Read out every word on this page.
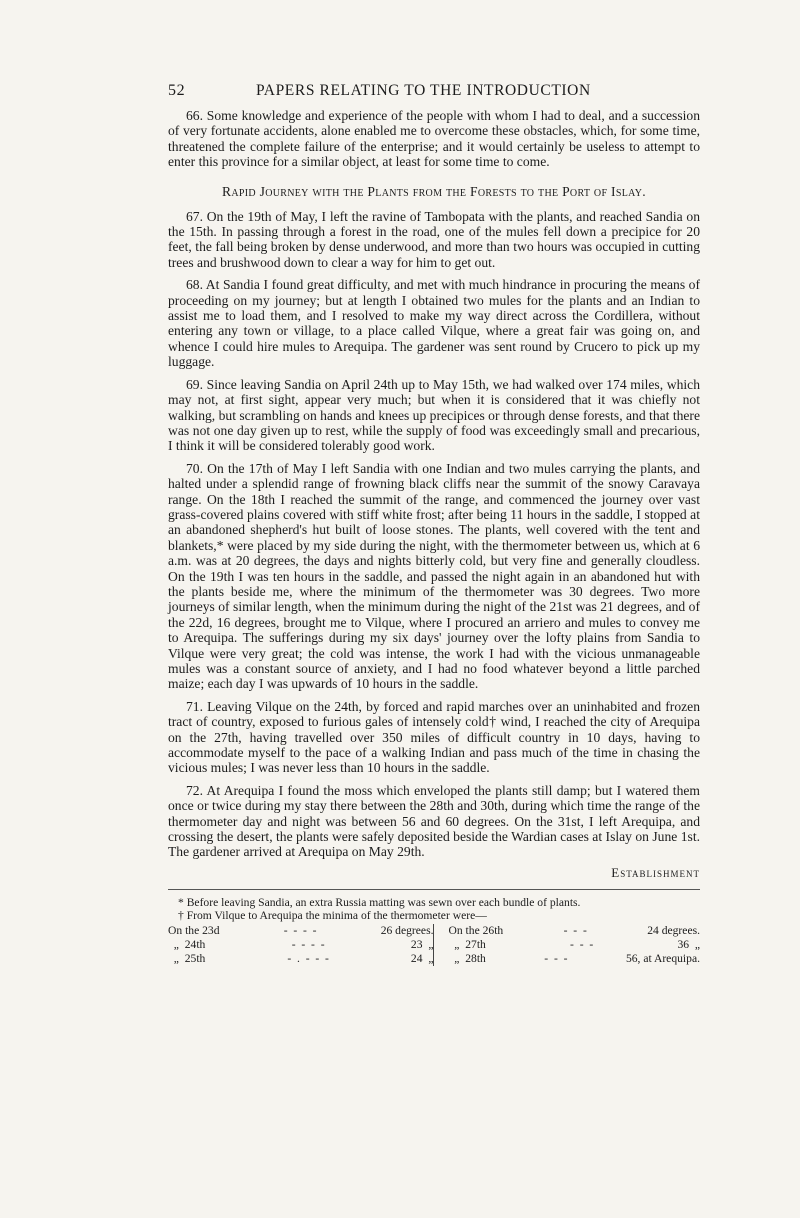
52	PAPERS RELATING TO THE INTRODUCTION

66. Some knowledge and experience of the people with whom I had to deal, and a succession of very fortunate accidents, alone enabled me to overcome these obstacles, which, for some time, threatened the complete failure of the enterprise; and it would certainly be useless to attempt to enter this province for a similar object, at least for some time to come.

Rapid Journey with the Plants from the Forests to the Port of Islay.

67. On the 19th of May, I left the ravine of Tambopata with the plants, and reached Sandia on the 15th. In passing through a forest in the road, one of the mules fell down a precipice for 20 feet, the fall being broken by dense underwood, and more than two hours was occupied in cutting trees and brushwood down to clear a way for him to get out.

68. At Sandia I found great difficulty, and met with much hindrance in procuring the means of proceeding on my journey; but at length I obtained two mules for the plants and an Indian to assist me to load them, and I resolved to make my way direct across the Cordillera, without entering any town or village, to a place called Vilque, where a great fair was going on, and whence I could hire mules to Arequipa. The gardener was sent round by Crucero to pick up my luggage.

69. Since leaving Sandia on April 24th up to May 15th, we had walked over 174 miles, which may not, at first sight, appear very much; but when it is considered that it was chiefly not walking, but scrambling on hands and knees up precipices or through dense forests, and that there was not one day given up to rest, while the supply of food was exceedingly small and precarious, I think it will be considered tolerably good work.

70. On the 17th of May I left Sandia with one Indian and two mules carrying the plants, and halted under a splendid range of frowning black cliffs near the summit of the snowy Caravaya range. On the 18th I reached the summit of the range, and commenced the journey over vast grass-covered plains covered with stiff white frost; after being 11 hours in the saddle, I stopped at an abandoned shepherd's hut built of loose stones. The plants, well covered with the tent and blankets,* were placed by my side during the night, with the thermometer between us, which at 6 a.m. was at 20 degrees, the days and nights bitterly cold, but very fine and generally cloudless. On the 19th I was ten hours in the saddle, and passed the night again in an abandoned hut with the plants beside me, where the minimum of the thermometer was 30 degrees. Two more journeys of similar length, when the minimum during the night of the 21st was 21 degrees, and of the 22d, 16 degrees, brought me to Vilque, where I procured an arriero and mules to convey me to Arequipa. The sufferings during my six days' journey over the lofty plains from Sandia to Vilque were very great; the cold was intense, the work I had with the vicious unmanageable mules was a constant source of anxiety, and I had no food whatever beyond a little parched maize; each day I was upwards of 10 hours in the saddle.

71. Leaving Vilque on the 24th, by forced and rapid marches over an uninhabited and frozen tract of country, exposed to furious gales of intensely cold† wind, I reached the city of Arequipa on the 27th, having travelled over 350 miles of difficult country in 10 days, having to accommodate myself to the pace of a walking Indian and pass much of the time in chasing the vicious mules; I was never less than 10 hours in the saddle.

72. At Arequipa I found the moss which enveloped the plants still damp; but I watered them once or twice during my stay there between the 28th and 30th, during which time the range of the thermometer day and night was between 56 and 60 degrees. On the 31st, I left Arequipa, and crossing the desert, the plants were safely deposited beside the Wardian cases at Islay on June 1st. The gardener arrived at Arequipa on May 29th.

Establishment

* Before leaving Sandia, an extra Russia matting was sewn over each bundle of plants.

† From Vilque to Arequipa the minima of the thermometer were—

On the 23d	-  -  -  -	26 degrees.
„  24th	-  -  -  -	23  „
„  25th	-  .  -  -  -	24  „
On the 26th	-  -  -	24 degrees.
„  27th	-  -  -	36  „
„  28th	-  -  -	56, at Arequipa.
